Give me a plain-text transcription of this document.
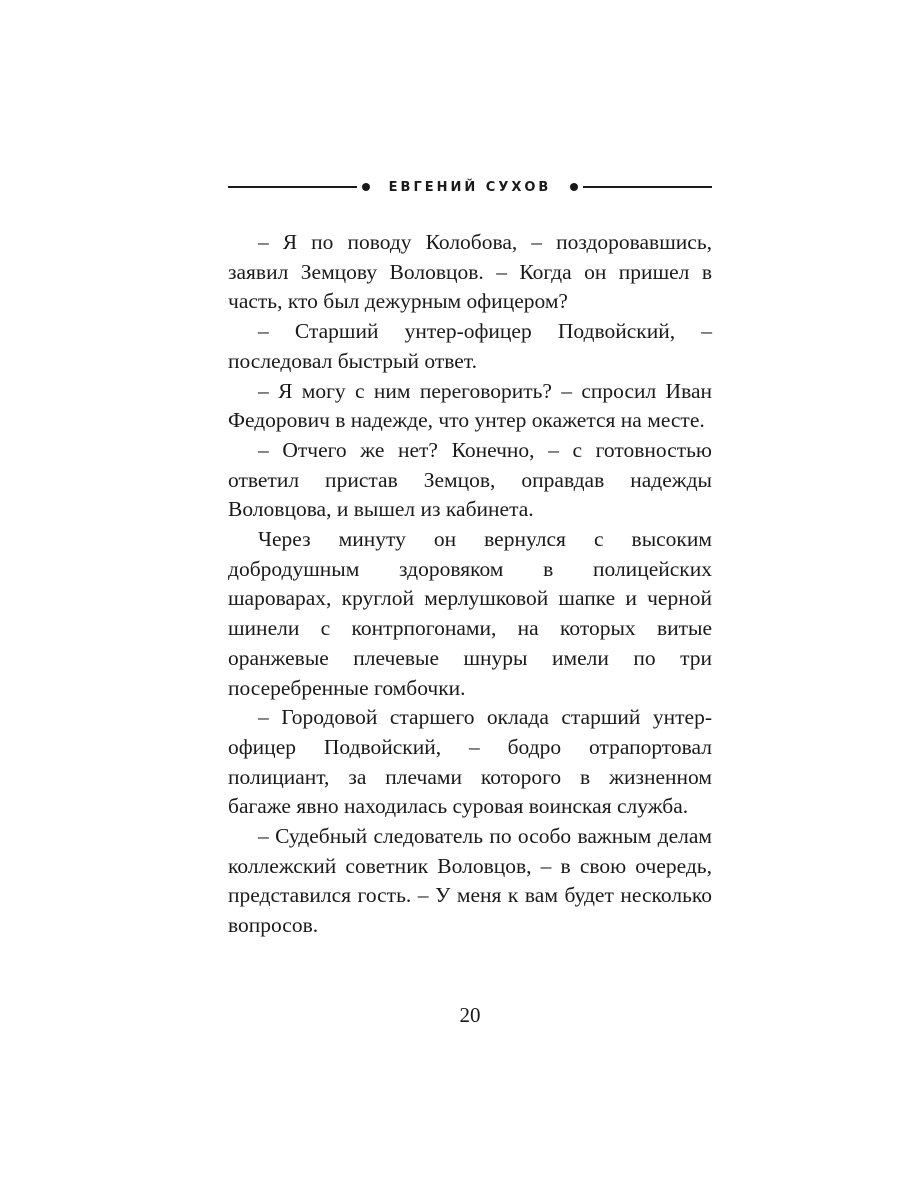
ЕВГЕНИЙ СУХОВ

– Я по поводу Колобова, – поздоровавшись, заявил Земцову Воловцов. – Когда он пришел в часть, кто был дежурным офицером?

– Старший унтер-офицер Подвойский, – последовал быстрый ответ.

– Я могу с ним переговорить? – спросил Иван Федорович в надежде, что унтер окажется на месте.

– Отчего же нет? Конечно, – с готовностью ответил пристав Земцов, оправдав надежды Воловцова, и вышел из кабинета.

Через минуту он вернулся с высоким добродушным здоровяком в полицейских шароварах, круглой мерлушковой шапке и черной шинели с контрпогонами, на которых витые оранжевые плечевые шнуры имели по три посеребренные гомбочки.

– Городовой старшего оклада старший унтер-офицер Подвойский, – бодро отрапортовал полициант, за плечами которого в жизненном багаже явно находилась суровая воинская служба.

– Судебный следователь по особо важным делам коллежский советник Воловцов, – в свою очередь, представился гость. – У меня к вам будет несколько вопросов.

20
